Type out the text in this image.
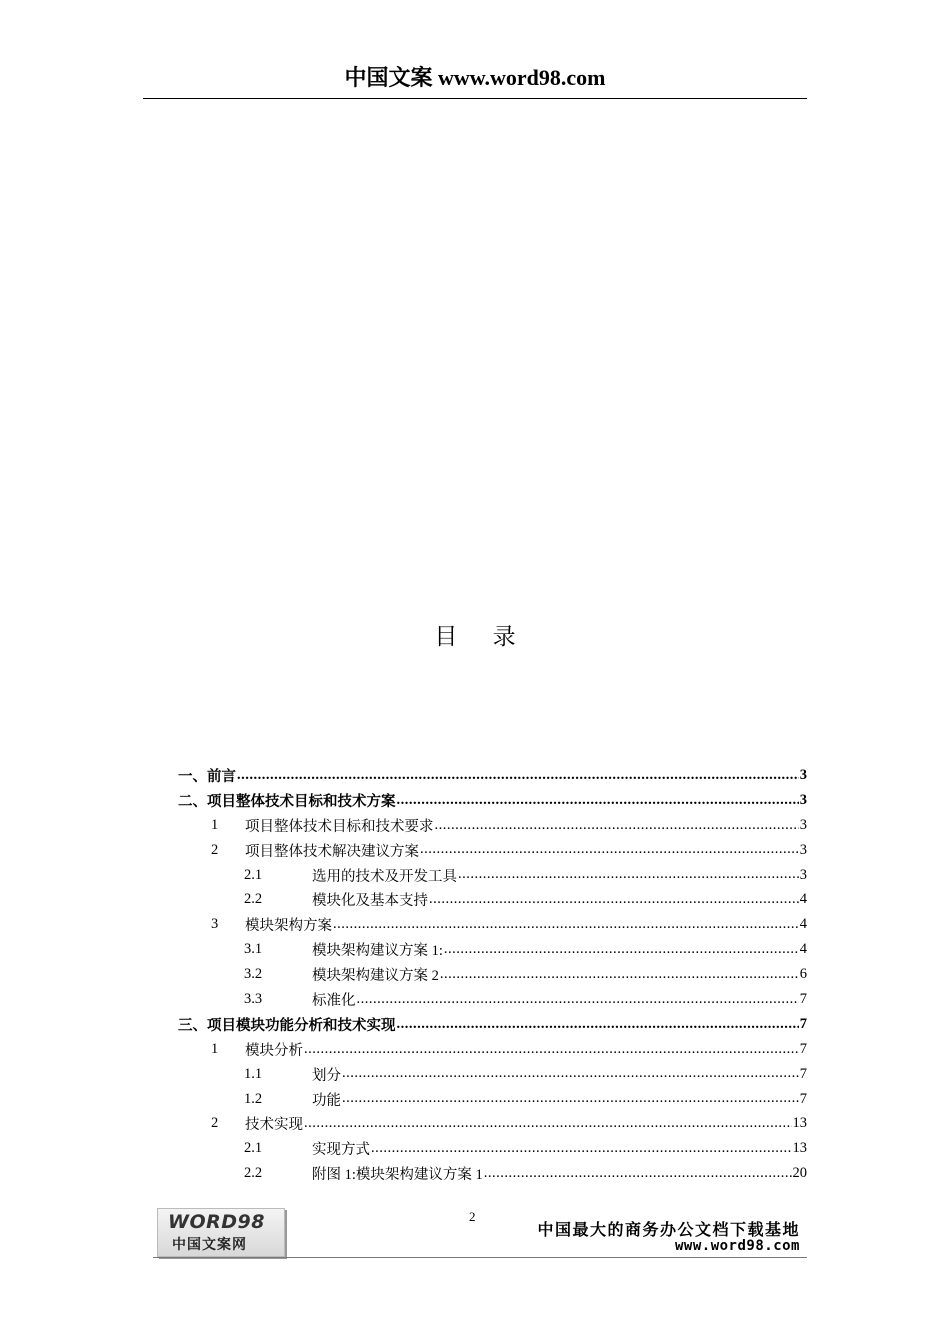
中国文案 www.word98.com
目 录
一、前言 .....	3
二、项目整体技术目标和技术方案 .....	3
1	项目整体技术目标和技术要求 .....	3
2	项目整体技术解决建议方案 .....	3
2.1	选用的技术及开发工具 .....	3
2.2	模块化及基本支持 .....	4
3	模块架构方案 .....	4
3.1	模块架构建议方案 1: .....	4
3.2	模块架构建议方案 2 .....	6
3.3	标准化 .....	7
三、项目模块功能分析和技术实现 .....	7
1	模块分析 .....	7
1.1	划分 .....	7
1.2	功能 .....	7
2	技术实现 .....	13
2.1	实现方式 .....	13
2.2	附图 1:模块架构建议方案 1 .....	20
WORD98
中国文案网
2
中国最大的商务办公文档下载基地
www.word98.com
